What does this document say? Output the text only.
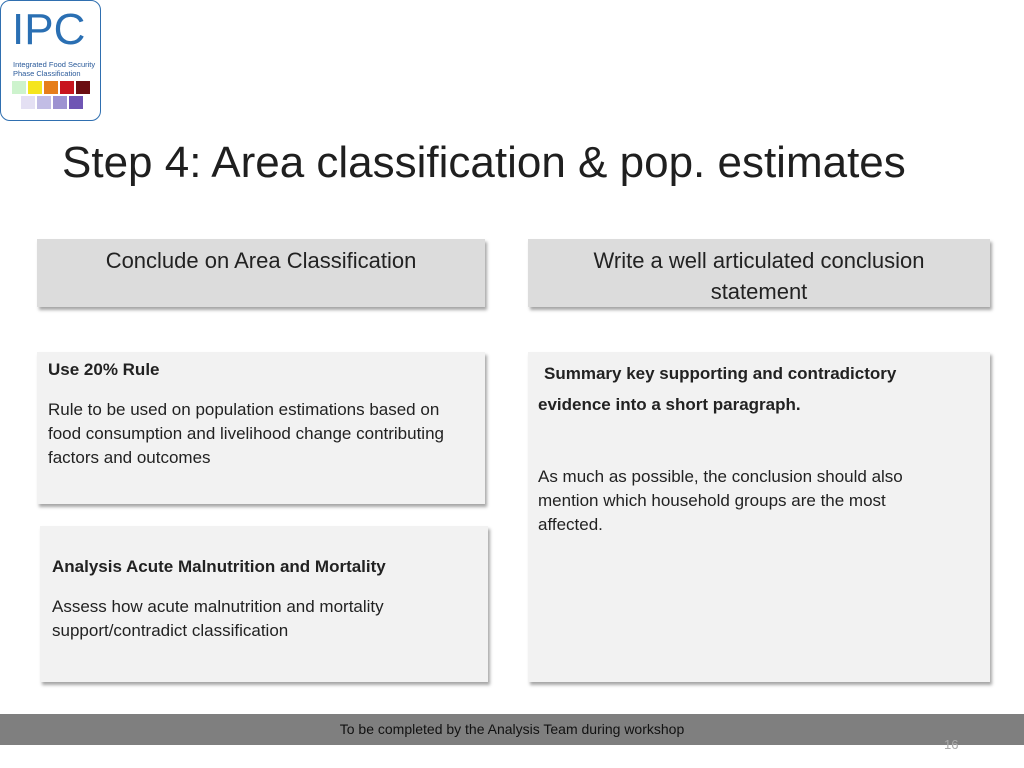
IPC
Integrated Food Security
Phase Classification
Step 4: Area classification & pop. estimates
Conclude on Area Classification	Write a well articulated conclusion
statement
Use 20% Rule
Rule to be used on population estimations based on
food consumption and livelihood change contributing
factors and outcomes
Analysis Acute Malnutrition and Mortality
Assess how acute malnutrition and mortality
support/contradict classification
Summary key supporting and contradictory
evidence into a short paragraph.
As much as possible, the conclusion should also
mention which household groups are the most
affected.
To be completed by the Analysis Team during workshop
16
